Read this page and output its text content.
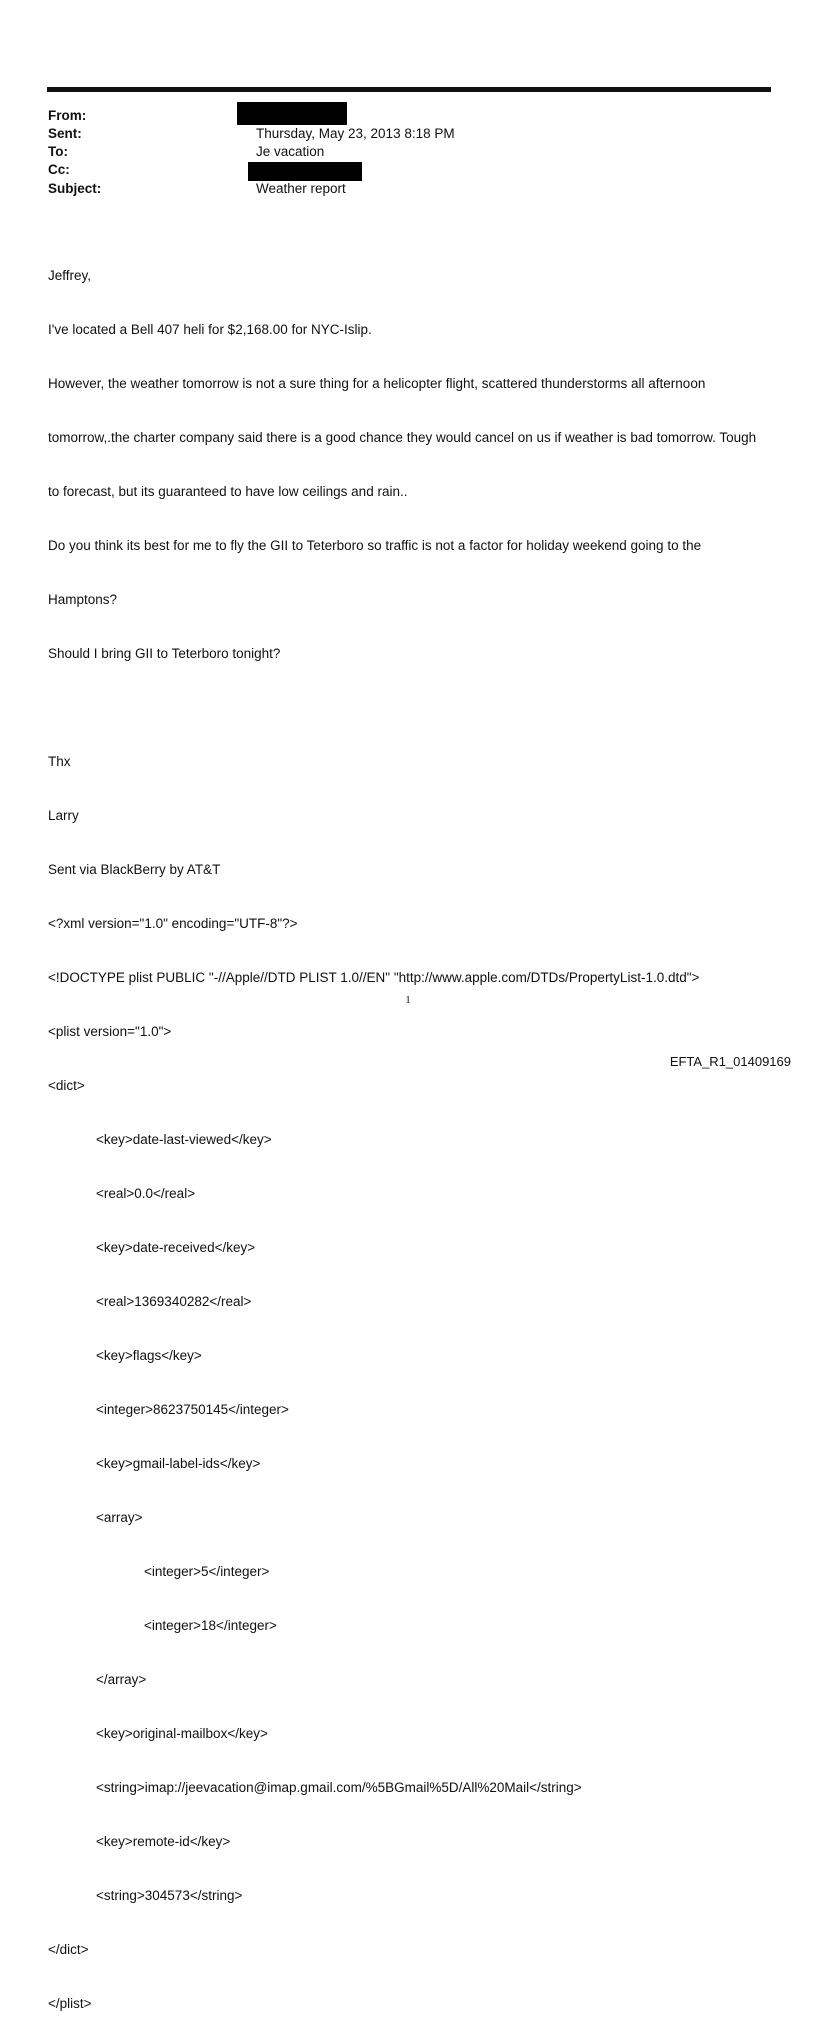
From:
Sent:	Thursday, May 23, 2013 8:18 PM
To:	Je vacation
Cc:
Subject:	Weather report

Jeffrey,

I've located a Bell 407 heli for $2,168.00 for NYC-Islip.

However, the weather tomorrow is not a sure thing for a helicopter flight, scattered thunderstorms all afternoon

tomorrow,.the charter company said there is a good chance they would cancel on us if weather is bad tomorrow. Tough

to forecast, but its guaranteed to have low ceilings and rain..

Do you think its best for me to fly the GII to Teterboro so traffic is not a factor for holiday weekend going to the

Hamptons?

Should I bring GII to Teterboro tonight?

Thx

Larry

Sent via BlackBerry by AT&T

<?xml version="1.0" encoding="UTF-8"?>

<!DOCTYPE plist PUBLIC "-//Apple//DTD PLIST 1.0//EN" "http://www.apple.com/DTDs/PropertyList-1.0.dtd">

<plist version="1.0">

<dict>

<key>date-last-viewed</key>

<real>0.0</real>

<key>date-received</key>

<real>1369340282</real>

<key>flags</key>

<integer>8623750145</integer>

<key>gmail-label-ids</key>

<array>

<integer>5</integer>

<integer>18</integer>

</array>

<key>original-mailbox</key>

<string>imap://jeevacation@imap.gmail.com/%5BGmail%5D/All%20Mail</string>

<key>remote-id</key>

<string>304573</string>

</dict>

</plist>

1
EFTA_R1_01409169
